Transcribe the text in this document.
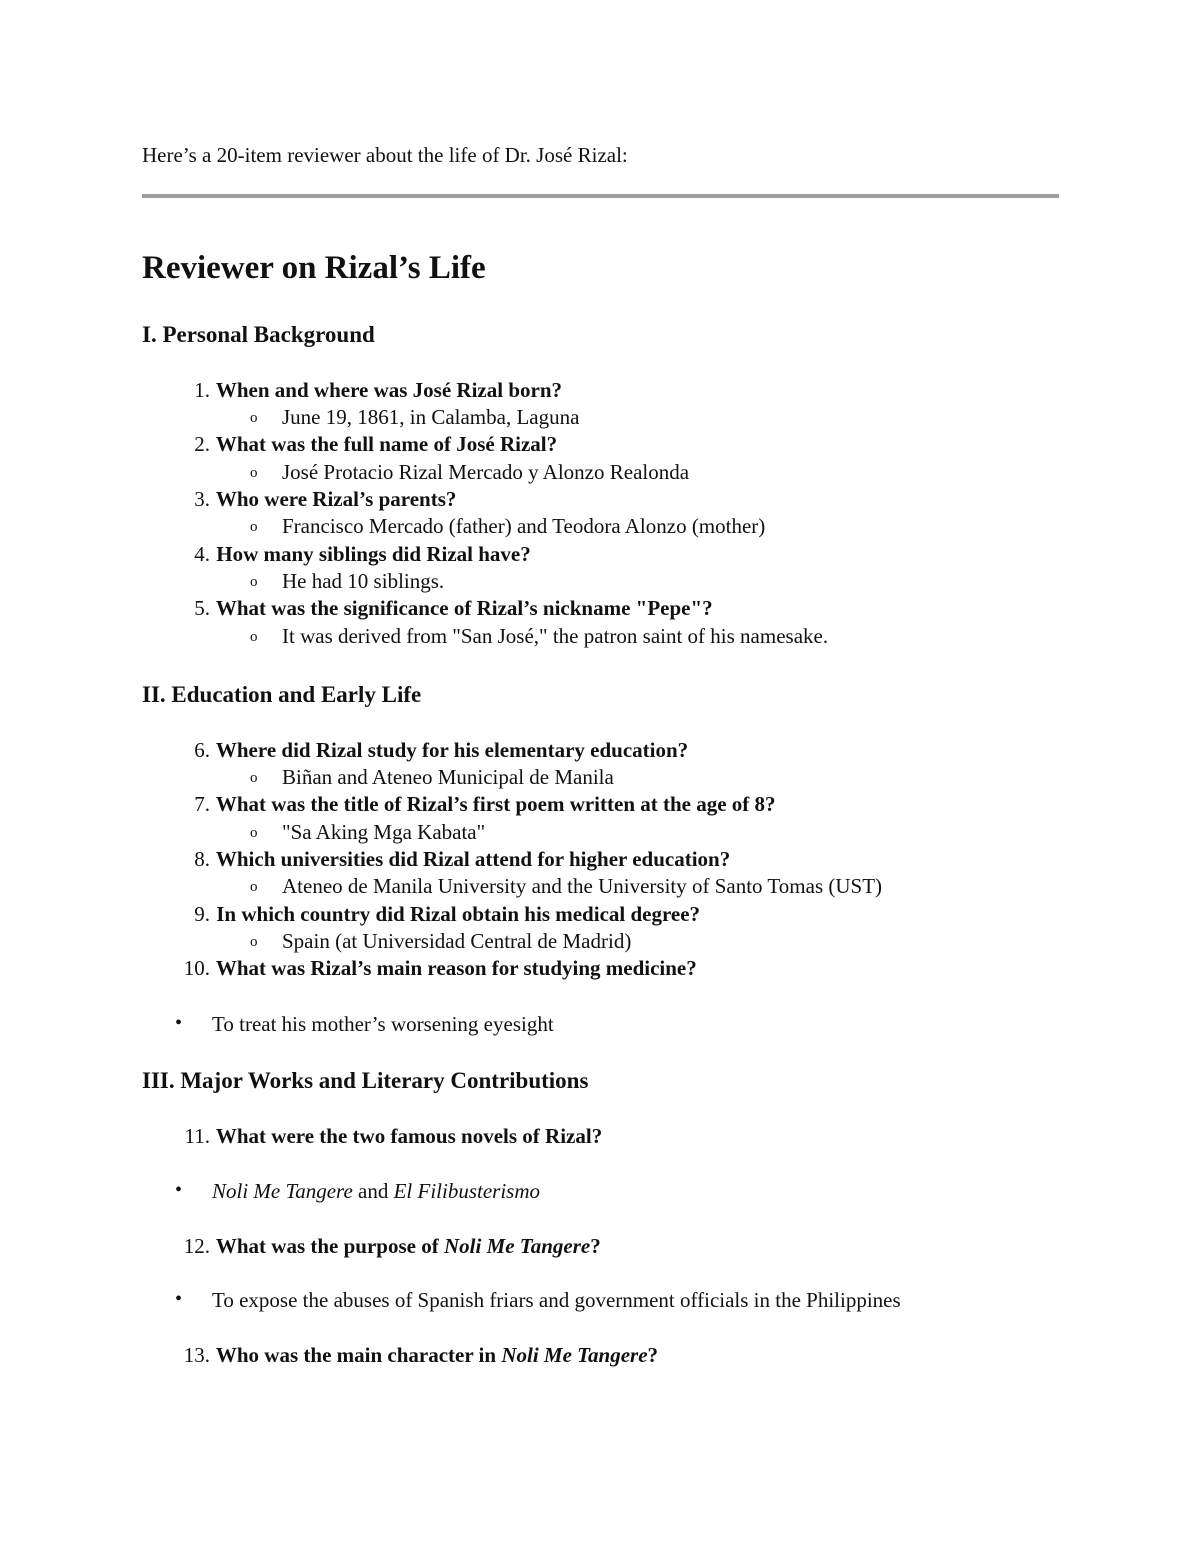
Here’s a 20-item reviewer about the life of Dr. José Rizal:
Reviewer on Rizal’s Life
I. Personal Background
1. When and where was José Rizal born?
o June 19, 1861, in Calamba, Laguna
2. What was the full name of José Rizal?
o José Protacio Rizal Mercado y Alonzo Realonda
3. Who were Rizal’s parents?
o Francisco Mercado (father) and Teodora Alonzo (mother)
4. How many siblings did Rizal have?
o He had 10 siblings.
5. What was the significance of Rizal’s nickname "Pepe"?
o It was derived from "San José," the patron saint of his namesake.
II. Education and Early Life
6. Where did Rizal study for his elementary education?
o Biñan and Ateneo Municipal de Manila
7. What was the title of Rizal’s first poem written at the age of 8?
o "Sa Aking Mga Kabata"
8. Which universities did Rizal attend for higher education?
o Ateneo de Manila University and the University of Santo Tomas (UST)
9. In which country did Rizal obtain his medical degree?
o Spain (at Universidad Central de Madrid)
10. What was Rizal’s main reason for studying medicine?
• To treat his mother’s worsening eyesight
III. Major Works and Literary Contributions
11. What were the two famous novels of Rizal?
• Noli Me Tangere and El Filibusterismo
12. What was the purpose of Noli Me Tangere?
• To expose the abuses of Spanish friars and government officials in the Philippines
13. Who was the main character in Noli Me Tangere?
